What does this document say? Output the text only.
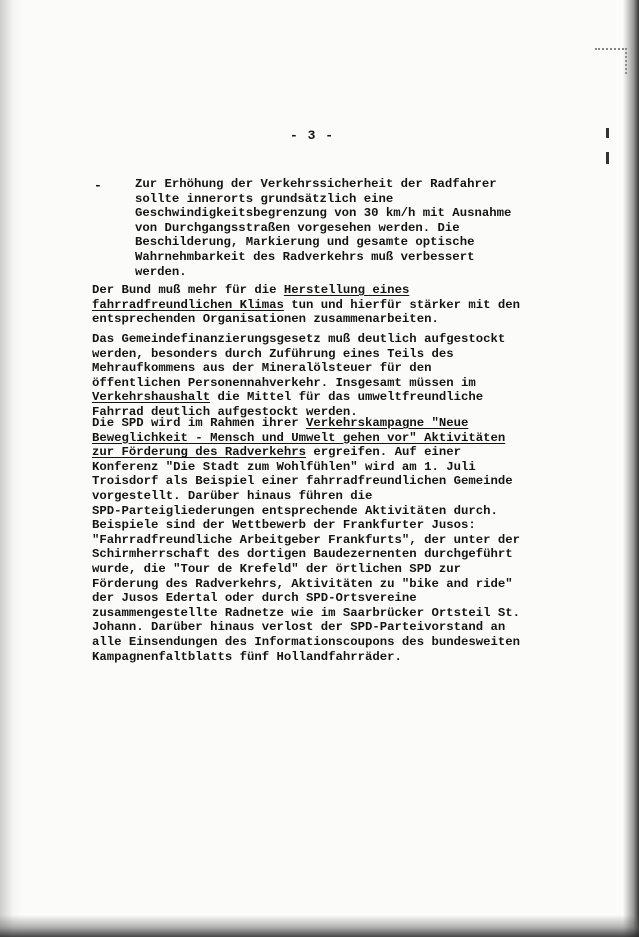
- 3 -
-	Zur Erhöhung der Verkehrssicherheit der Radfahrer
sollte innerorts grundsätzlich eine
Geschwindigkeitsbegrenzung von 30 km/h mit Ausnahme
von Durchgangsstraßen vorgesehen werden. Die
Beschilderung, Markierung und gesamte optische
Wahrnehmbarkeit des Radverkehrs muß verbessert
werden.
Der Bund muß mehr für die Herstellung eines
fahrradfreundlichen Klimas tun und hierfür stärker mit den
entsprechenden Organisationen zusammenarbeiten.
Das Gemeindefinanzierungsgesetz muß deutlich aufgestockt
werden, besonders durch Zuführung eines Teils des
Mehraufkommens aus der Mineralölsteuer für den
öffentlichen Personennahverkehr. Insgesamt müssen im
Verkehrshaushalt die Mittel für das umweltfreundliche
Fahrrad deutlich aufgestockt werden.
Die SPD wird im Rahmen ihrer Verkehrskampagne "Neue
Beweglichkeit - Mensch und Umwelt gehen vor" Aktivitäten
zur Förderung des Radverkehrs ergreifen. Auf einer
Konferenz "Die Stadt zum Wohlfühlen" wird am 1. Juli
Troisdorf als Beispiel einer fahrradfreundlichen Gemeinde
vorgestellt. Darüber hinaus führen die
SPD-Parteigliederungen entsprechende Aktivitäten durch.
Beispiele sind der Wettbewerb der Frankfurter Jusos:
"Fahrradfreundliche Arbeitgeber Frankfurts", der unter der
Schirmherrschaft des dortigen Baudezernenten durchgeführt
wurde, die "Tour de Krefeld" der örtlichen SPD zur
Förderung des Radverkehrs, Aktivitäten zu "bike and ride"
der Jusos Edertal oder durch SPD-Ortsvereine
zusammengestellte Radnetze wie im Saarbrücker Ortsteil St.
Johann. Darüber hinaus verlost der SPD-Parteivorstand an
alle Einsendungen des Informationscoupons des bundesweiten
Kampagnenfaltblatts fünf Hollandfahrräder.
